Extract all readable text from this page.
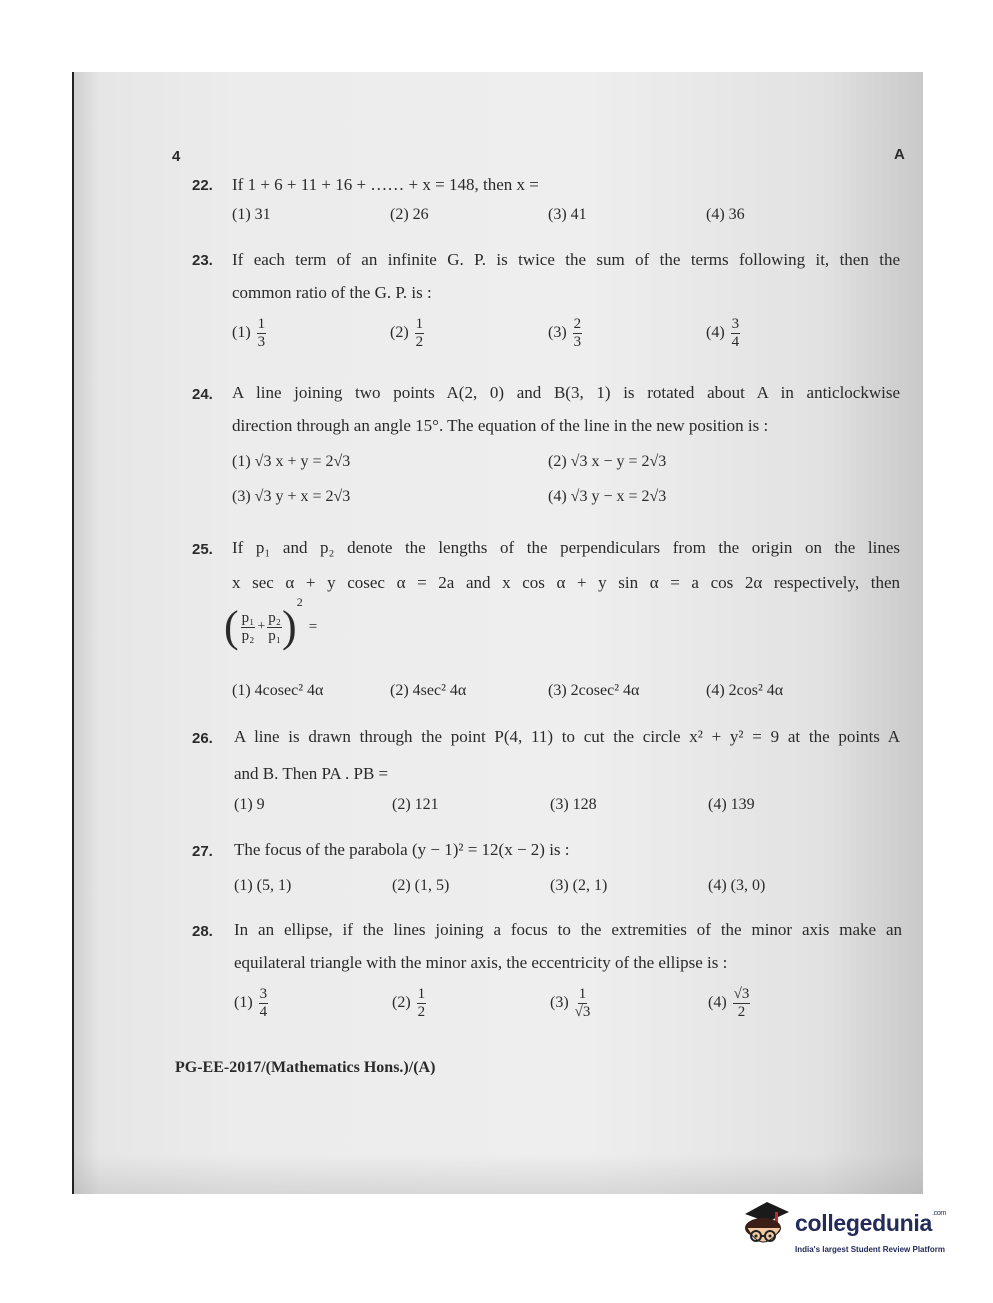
4	A
22. If 1 + 6 + 11 + 16 + …… + x = 148, then x =
(1) 31	(2) 26	(3) 41	(4) 36
23. If each term of an infinite G. P. is twice the sum of the terms following it, then the
common ratio of the G. P. is :
$(1) \frac{1}{3}$	$(2) \frac{1}{2}$	$(3) \frac{2}{3}$	$(4) \frac{3}{4}$
24. A line joining two points A(2, 0) and B(3, 1) is rotated about A in anticlockwise
direction through an angle 15°. The equation of the line in the new position is :
(1) √3 x + y = 2√3	(2) √3 x − y = 2√3
(3) √3 y + x = 2√3	(4) √3 y − x = 2√3
25. If p₁ and p₂ denote the lengths of the perpendiculars from the origin on the lines
x sec α + y cosec α = 2a and x cos α + y sin α = a cos 2α respectively, then
( $\frac{\text{p₁}}{\text{p₂}} + \frac{\text{p₂}}{\text{p₁}} )^2=$
(1) 4cosec² 4α	(2) 4sec² 4α	(3) 2cosec² 4α	(4) 2cos² 4α
26. A line is drawn through the point P(4, 11) to cut the circle x² + y² = 9 at the points A
and B. Then PA . PB =
(1) 9	(2) 121	(3) 128	(4) 139
27. The focus of the parabola (y − 1)² = 12(x − 2) is :
(1) (5, 1)	(2) (1, 5)	(3) (2, 1)	(4) (3, 0)
28. In an ellipse, if the lines joining a focus to the extremities of the minor axis make an
equilateral triangle with the minor axis, the eccentricity of the ellipse is :
$(1) \frac{3}{4}$	$(2) \frac{1}{2}$	$(3) \frac{1}{√3}$	$(4) \frac{√3}{2}$
PG-EE-2017/(Mathematics Hons.)/(A)
collegedunia$^{.com}$
India's largest Student Review Platform
